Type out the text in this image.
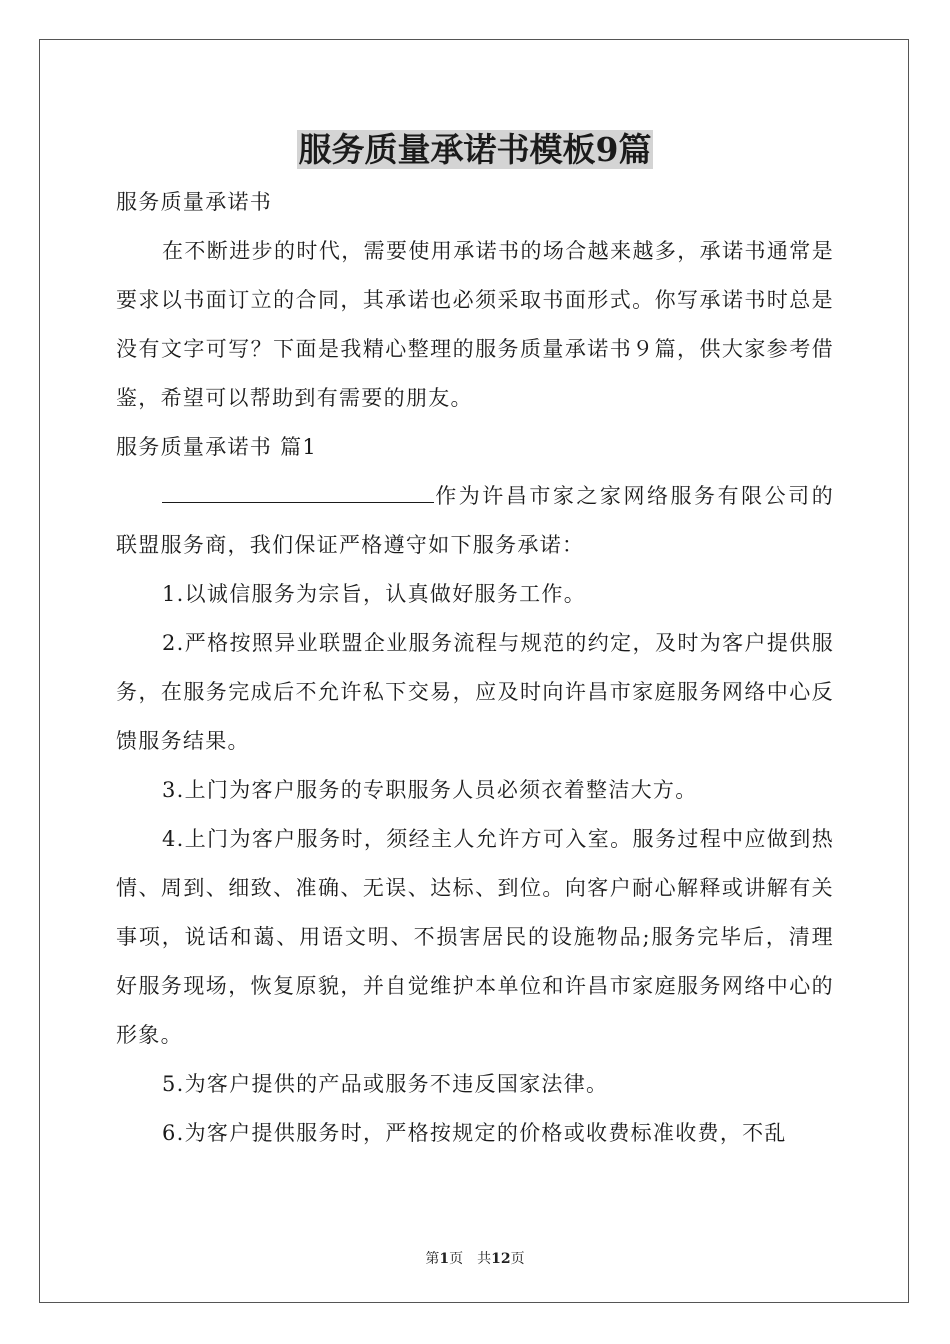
服务质量承诺书模板9篇

服务质量承诺书

在不断进步的时代，需要使用承诺书的场合越来越多，承诺书通常是要求以书面订立的合同，其承诺也必须采取书面形式。你写承诺书时总是没有文字可写？下面是我精心整理的服务质量承诺书９篇，供大家参考借鉴，希望可以帮助到有需要的朋友。

服务质量承诺书 篇1

作为许昌市家之家网络服务有限公司的联盟服务商，我们保证严格遵守如下服务承诺：

1.以诚信服务为宗旨，认真做好服务工作。

2.严格按照异业联盟企业服务流程与规范的约定，及时为客户提供服务，在服务完成后不允许私下交易，应及时向许昌市家庭服务网络中心反馈服务结果。

3.上门为客户服务的专职服务人员必须衣着整洁大方。

4.上门为客户服务时，须经主人允许方可入室。服务过程中应做到热情、周到、细致、准确、无误、达标、到位。向客户耐心解释或讲解有关事项，说话和蔼、用语文明、不损害居民的设施物品;服务完毕后，清理好服务现场，恢复原貌，并自觉维护本单位和许昌市家庭服务网络中心的形象。

5.为客户提供的产品或服务不违反国家法律。

6.为客户提供服务时，严格按规定的价格或收费标准收费，不乱

第1页 共12页
